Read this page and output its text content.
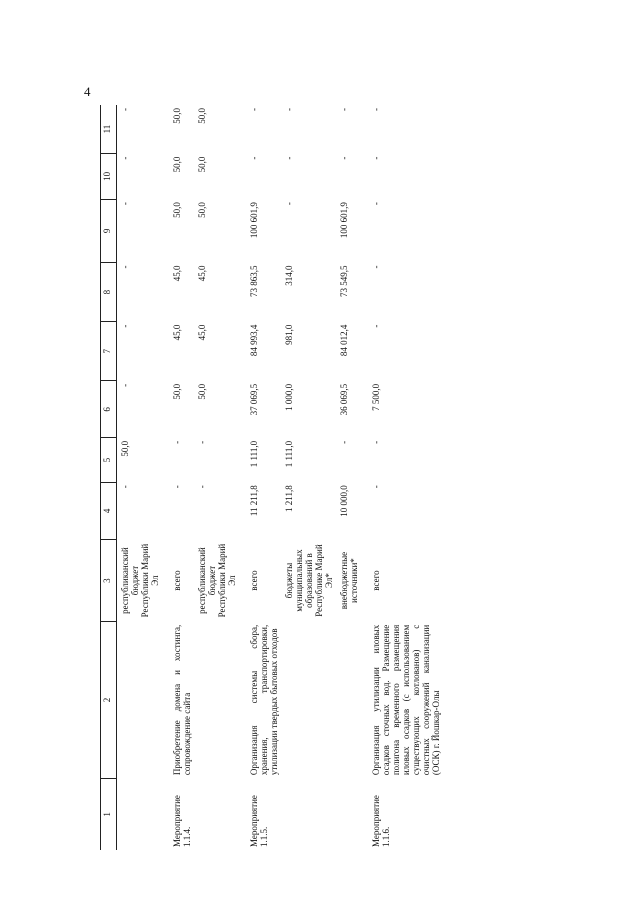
4
1	2	3	4	5	6	7	8	9	10	11
		республиканский бюджет Республики Марий Эл	-	50,0	-	-	-	-	-	-
Мероприятие 1.1.4.	Приобретение домена и хостинга, сопровождение сайта	всего	-	-	50,0	45,0	45,0	50,0	50,0	50,0
		республиканский бюджет Республики Марий Эл	-	-	50,0	45,0	45,0	50,0	50,0	50,0
Мероприятие 1.1.5.	Организация системы сбора, хранения, транспортировки, утилизации твердых бытовых отходов	всего	11 211,8	1 111,0	37 069,5	84 993,4	73 863,5	100 601,9	-	-
		бюджеты муниципальных образований в Республике Марий Эл*	1 211,8	1 111,0	1 000,0	981,0	314,0	-	-	-
		внебюджетные источники*	10 000,0	-	36 069,5	84 012,4	73 549,5	100 601,9	-	-
Мероприятие 1.1.6.	Организация утилизации иловых осадков сточных вод. Размещение полигона временного размещения иловых осадков (с использованием существующих котлованов) с очистных сооружений канализации (ОСК) г. Йошкар-Олы	всего	-	-	7 500,0	-	-	-	-	-
